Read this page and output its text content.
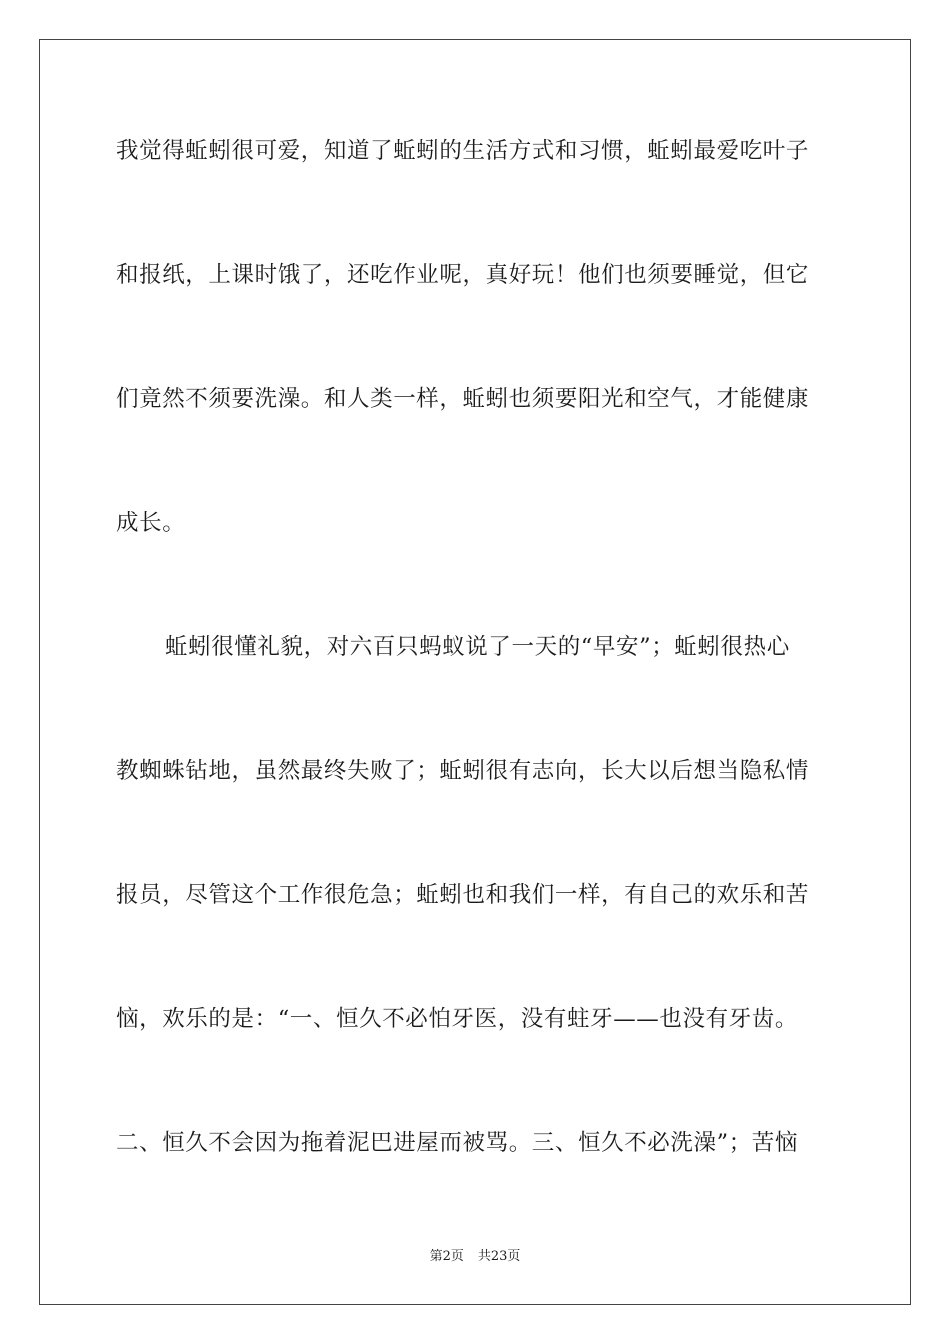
我觉得蚯蚓很可爱，知道了蚯蚓的生活方式和习惯，蚯蚓最爱吃叶子
和报纸，上课时饿了，还吃作业呢，真好玩！他们也须要睡觉，但它
们竟然不须要洗澡。和人类一样，蚯蚓也须要阳光和空气，才能健康
成长。
蚯蚓很懂礼貌，对六百只蚂蚁说了一天的“早安”；蚯蚓很热心
教蜘蛛钻地，虽然最终失败了；蚯蚓很有志向，长大以后想当隐私情
报员，尽管这个工作很危急；蚯蚓也和我们一样，有自己的欢乐和苦
恼，欢乐的是：“一、恒久不必怕牙医，没有蛀牙——也没有牙齿。
二、恒久不会因为拖着泥巴进屋而被骂。三、恒久不必洗澡”；苦恼
第2页 共23页
